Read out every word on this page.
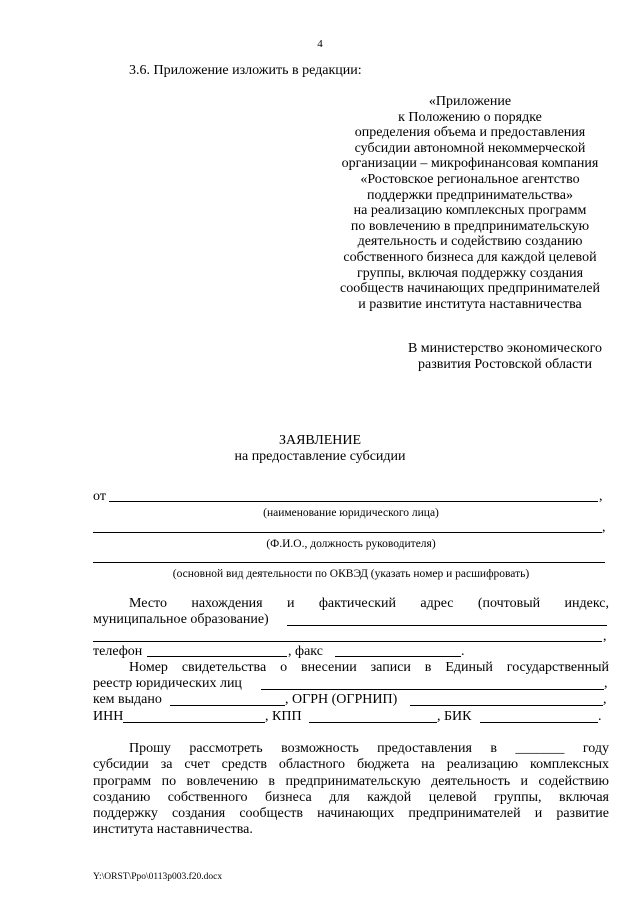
4
3.6. Приложение изложить в редакции:
«Приложение
к Положению о порядке
определения объема и предоставления
субсидии автономной некоммерческой
организации – микрофинансовая компания
«Ростовское региональное агентство
поддержки предпринимательства»
на реализацию комплексных программ
по вовлечению в предпринимательскую
деятельность и содействию созданию
собственного бизнеса для каждой целевой
группы, включая поддержку создания
сообществ начинающих предпринимателей
и развитие института наставничества
В министерство экономического
развития Ростовской области
ЗАЯВЛЕНИЕ
на предоставление субсидии
от	,
(наименование юридического лица)
,
(Ф.И.О., должность руководителя)
(основной вид деятельности по ОКВЭД (указать номер и расшифровать)
Место нахождения и фактический адрес (почтовый индекс,
муниципальное образование)
,
телефон	, факс	.
Номер свидетельства о внесении записи в Единый государственный
реестр юридических лиц	,
кем выдано	, ОГРН (ОГРНИП)	,
ИНН	, КПП	, БИК	.
Прошу рассмотреть возможность предоставления в _______ году
субсидии за счет средств областного бюджета на реализацию комплексных
программ по вовлечению в предпринимательскую деятельность и содействию
созданию собственного бизнеса для каждой целевой группы, включая
поддержку создания сообществ начинающих предпринимателей и развитие
института наставничества.
Y:\ORST\Ppo\0113p003.f20.docx
